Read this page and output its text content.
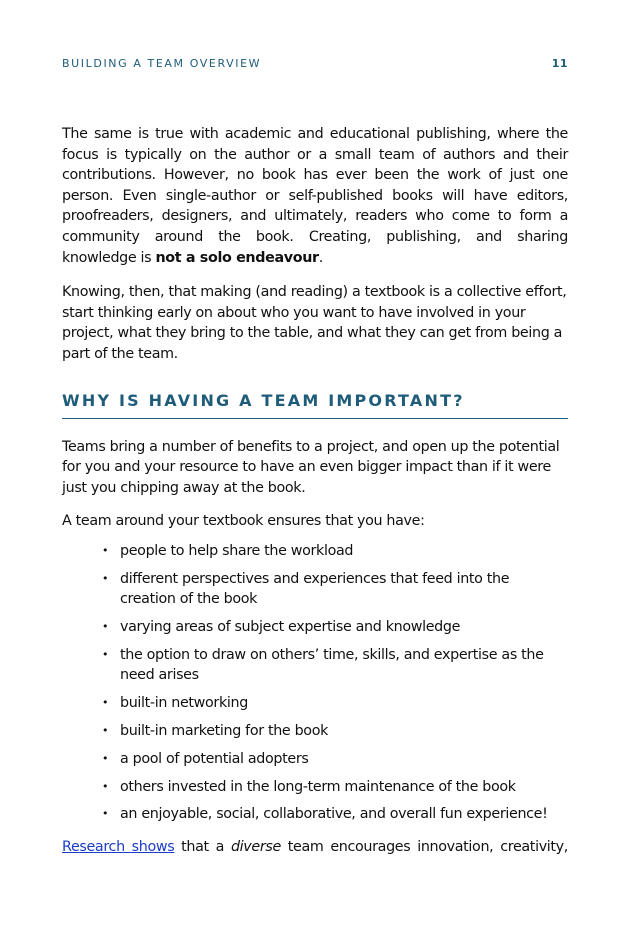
BUILDING A TEAM OVERVIEW	11

The same is true with academic and educational publishing, where the focus is typically on the author or a small team of authors and their contributions. However, no book has ever been the work of just one person. Even single-author or self-published books will have editors, proofreaders, designers, and ultimately, readers who come to form a community around the book. Creating, publishing, and sharing knowledge is not a solo endeavour.

Knowing, then, that making (and reading) a textbook is a collective effort, start thinking early on about who you want to have involved in your project, what they bring to the table, and what they can get from being a part of the team.

WHY IS HAVING A TEAM IMPORTANT?

Teams bring a number of benefits to a project, and open up the potential for you and your resource to have an even bigger impact than if it were just you chipping away at the book.

A team around your textbook ensures that you have:

• people to help share the workload
• different perspectives and experiences that feed into the creation of the book
• varying areas of subject expertise and knowledge
• the option to draw on others’ time, skills, and expertise as the need arises
• built-in networking
• built-in marketing for the book
• a pool of potential adopters
• others invested in the long-term maintenance of the book
• an enjoyable, social, collaborative, and overall fun experience!

Research shows that a diverse team encourages innovation, creativity,
